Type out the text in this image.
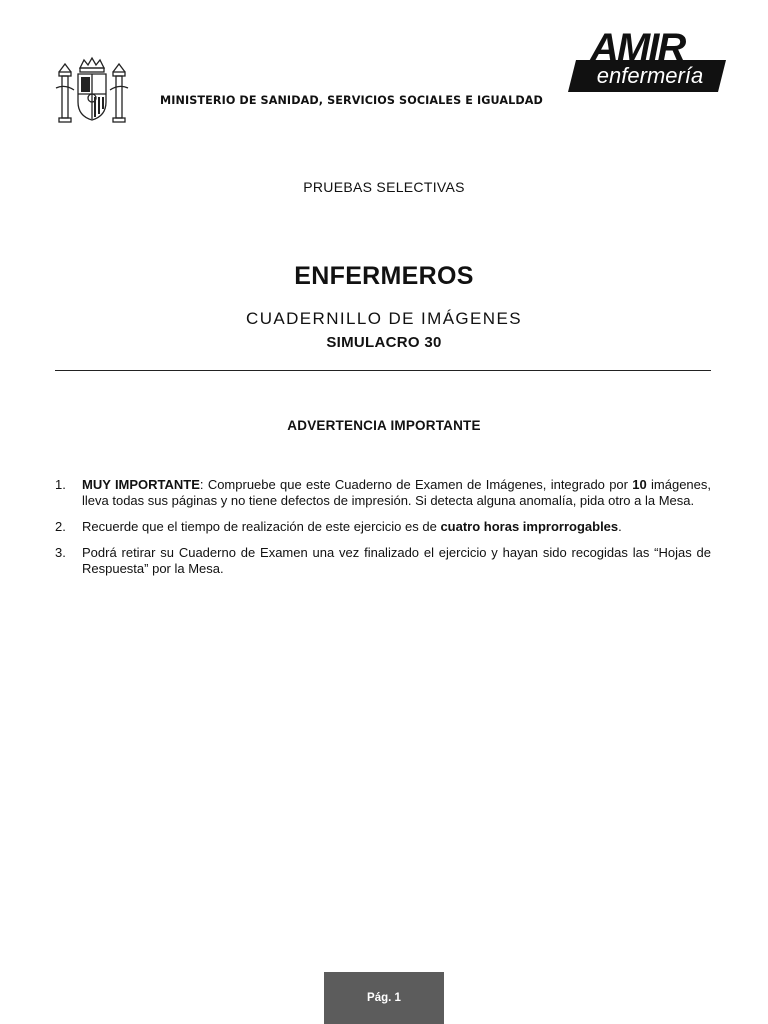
MINISTERIO DE SANIDAD, SERVICIOS SOCIALES E IGUALDAD
AMIR
enfermería
PRUEBAS SELECTIVAS
ENFERMEROS
CUADERNILLO DE IMÁGENES
SIMULACRO 30
ADVERTENCIA IMPORTANTE
1.	MUY IMPORTANTE: Compruebe que este Cuaderno de Examen de Imágenes, integrado por 10 imágenes, lleva todas sus páginas y no tiene defectos de impresión. Si detecta alguna anomalía, pida otro a la Mesa.
2.	Recuerde que el tiempo de realización de este ejercicio es de cuatro horas improrrogables.
3.	Podrá retirar su Cuaderno de Examen una vez finalizado el ejercicio y hayan sido recogidas las “Hojas de Respuesta” por la Mesa.
Pág. 1
